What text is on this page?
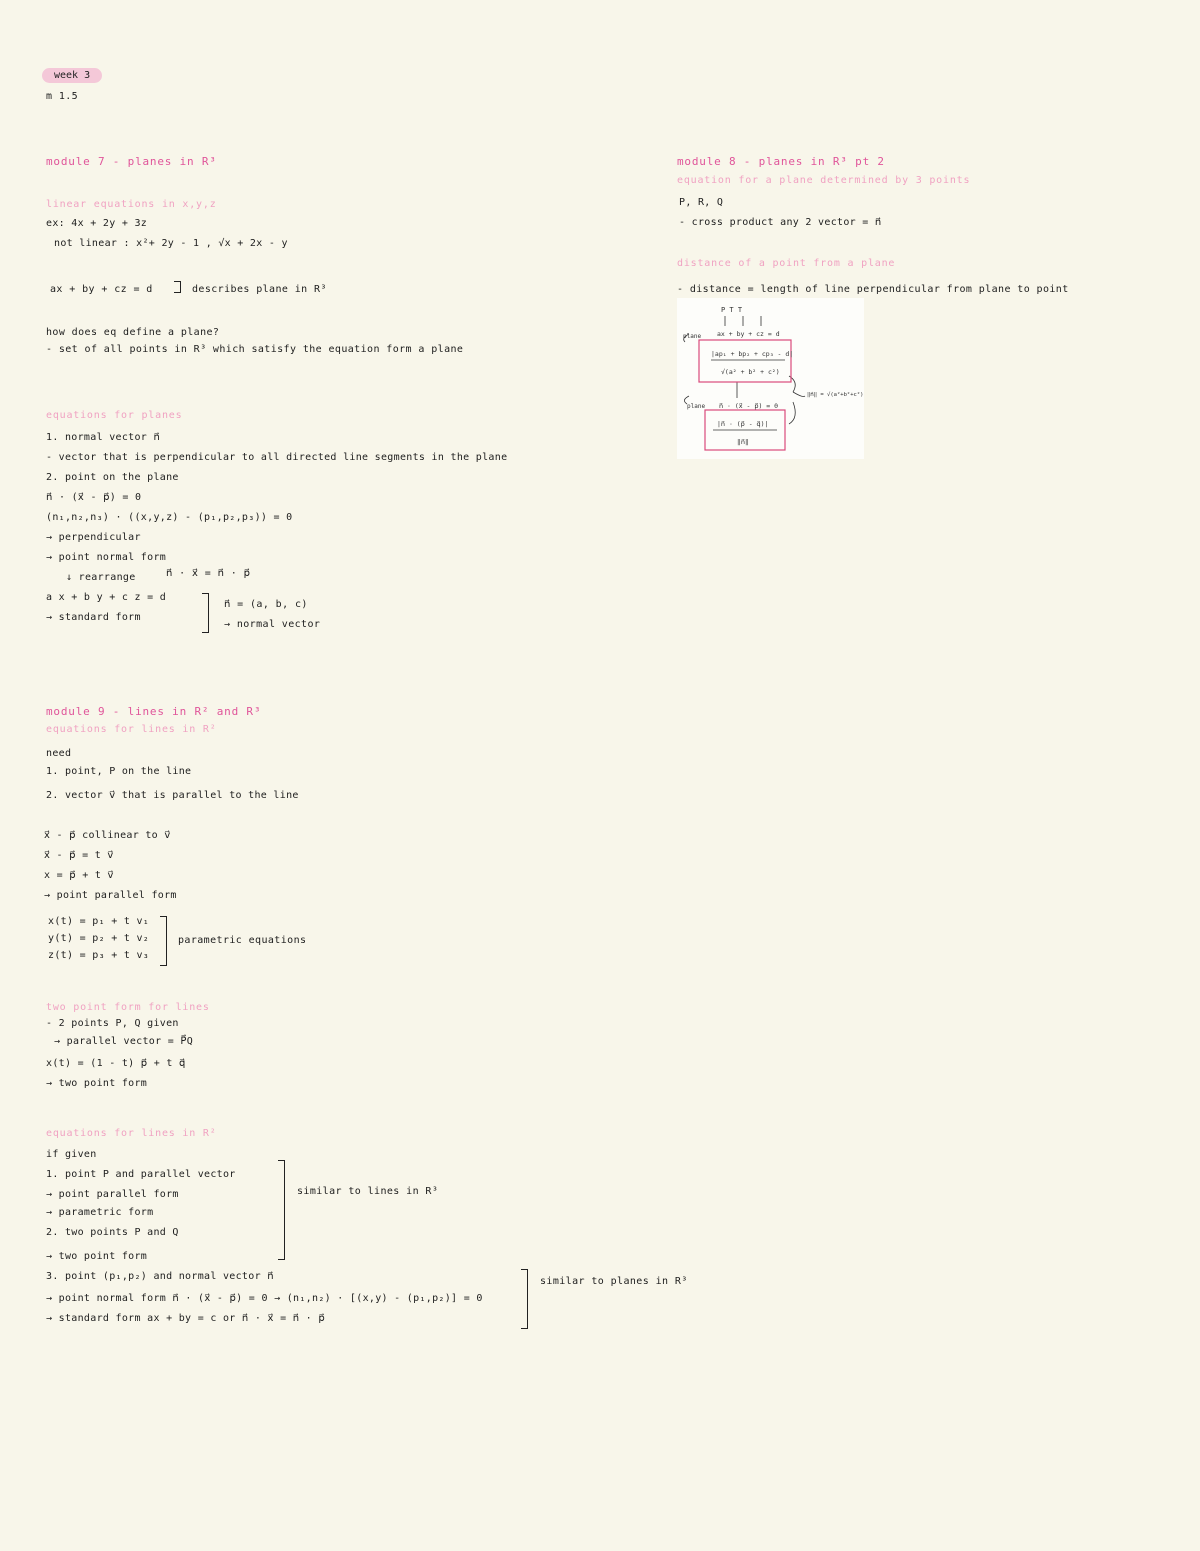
week 3
m 1.5
module 7 - planes in R³
linear equations in x,y,z
ex: 4x + 2y + 3z
not linear : x²+ 2y - 1 , √x + 2x - y
ax + by + cz = d	describes plane in R³
how does eq define a plane?
- set of all points in R³ which satisfy the equation form a plane
equations for planes
1. normal vector n⃗
- vector that is perpendicular to all directed line segments in the plane
2. point on the plane
n⃗ · (x⃗ - p⃗) = 0
(n₁,n₂,n₃) · ((x,y,z) - (p₁,p₂,p₃)) = 0
→ perpendicular
→ point normal form
↓ rearrange
a x + b y + c z = d
→ standard form
n⃗ · x⃗ = n⃗ · p⃗
n⃗ = (a, b, c)
→ normal vector
module 8 - planes in R³ pt 2
equation for a plane determined by 3 points
P, R, Q
- cross product any 2 vector = n⃗
distance of a point from a plane
- distance = length of line perpendicular from plane to point
P T T
plane ax + by + cz = d
|ap₁ + bp₂ + cp₃ - d|
√(a² + b² + c²)
plane n⃗ · (x⃗ - p⃗) = 0
|n⃗ · (p⃗ - q⃗)|
‖n⃗‖
‖n⃗‖ = √(a²+b²+c²)
module 9 - lines in R² and R³
equations for lines in R²
need
1. point, P on the line
2. vector v⃗ that is parallel to the line
x⃗ - p⃗ collinear to v⃗
x⃗ - p⃗ = t v⃗
x = p⃗ + t v⃗
→ point parallel form
x(t) = p₁ + t v₁
y(t) = p₂ + t v₂
z(t) = p₃ + t v₃
parametric equations
two point form for lines
- 2 points P, Q given
→ parallel vector = P⃗Q
x(t) = (1 - t) p⃗ + t q⃗
→ two point form
equations for lines in R²
if given
1. point P and parallel vector
→ point parallel form
→ parametric form
2. two points P and Q
→ two point form
3. point (p₁,p₂) and normal vector n⃗
→ point normal form n⃗ · (x⃗ - p⃗) = 0 → (n₁,n₂) · [(x,y) - (p₁,p₂)] = 0
→ standard form ax + by = c or n⃗ · x⃗ = n⃗ · p⃗
similar to lines in R³
similar to planes in R³
